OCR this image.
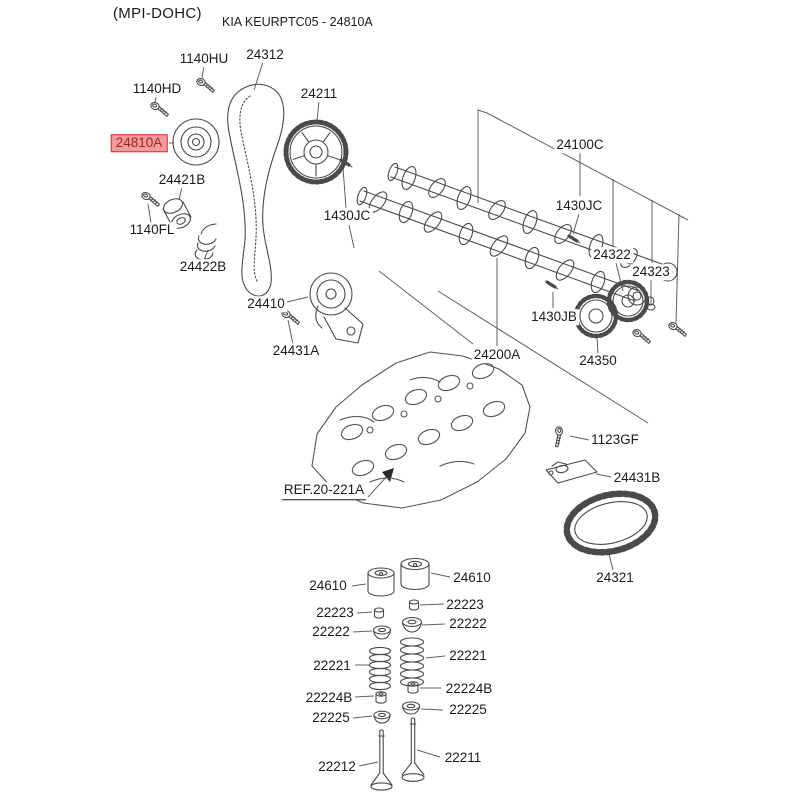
(MPI-DOHC) KIA KEURPTC05 - 24810A
1140HU 24312
1140HD	24211
24810A
24421B
1140FL
24422B
1430JC
24100C
1430JC
24322
24323
24410
1430JB
24431A	24200A	24350
1123GF
REF.20-221A
24431B
24610
24610
22223
22222
22221
22224B
22225
22212
22223
22222
22221
22224B
22225
22211
24321
